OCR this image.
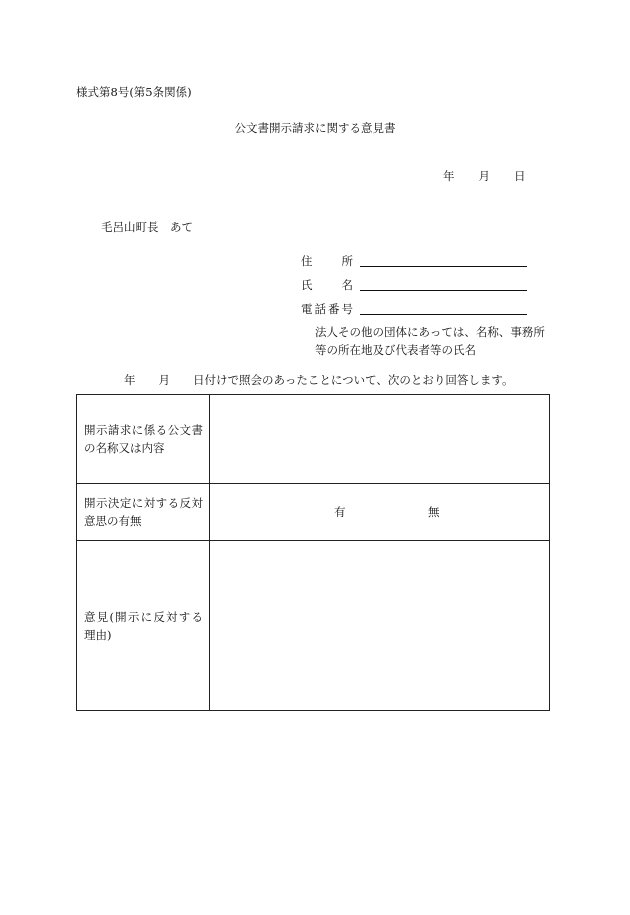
様式第8号(第5条関係)
公文書開示請求に関する意見書
年 月 日
毛呂山町長　あて
住　所
氏　名
電話番号
法人その他の団体にあっては、名称、事務所等の所在地及び代表者等の氏名
年　　月　　日付けで照会のあったことについて、次のとおり回答します。
開示請求に係る公文書の名称又は内容	
開示決定に対する反対意思の有無	有 無

意見(開示に反対する理由)	
